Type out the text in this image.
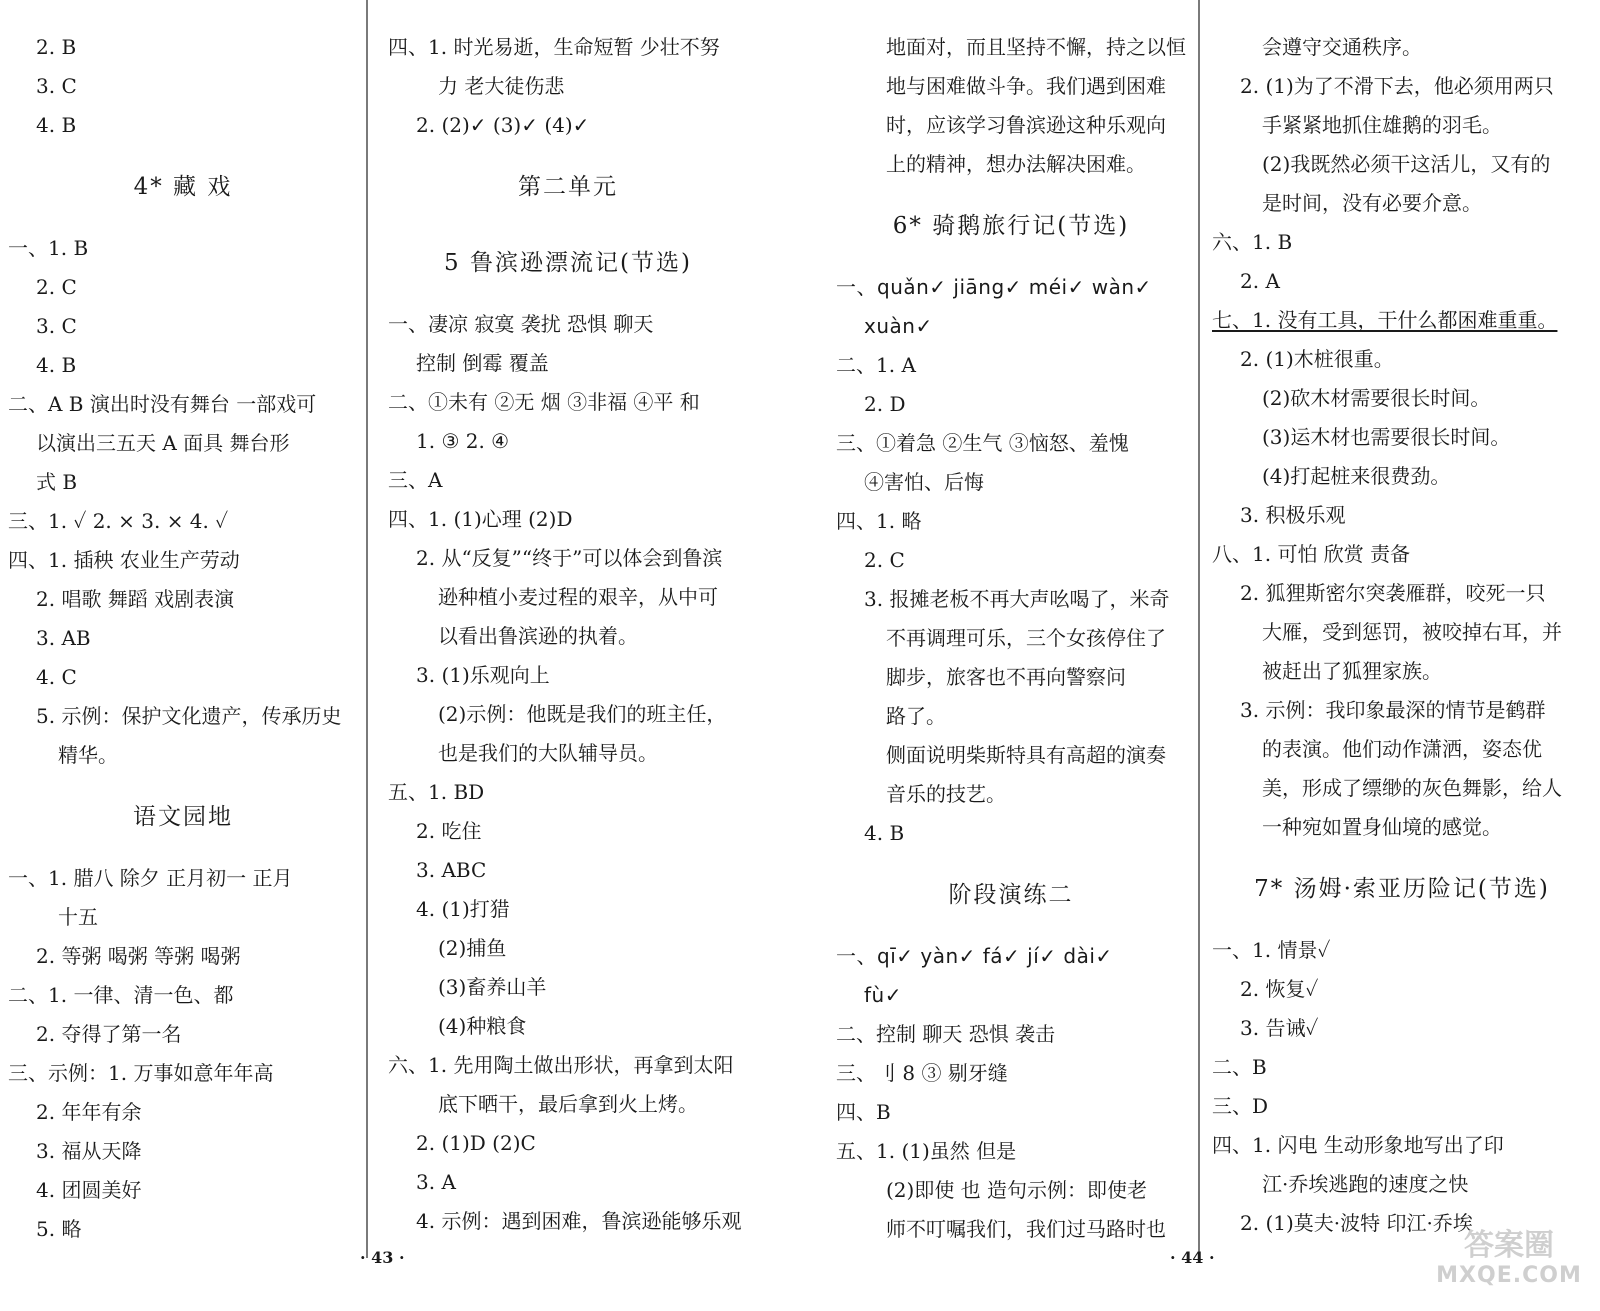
2. B
3. C
4. B
4* 藏 戏
一、1. B
2. C
3. C
4. B
二、A B 演出时没有舞台 一部戏可
以演出三五天 A 面具 舞台形
式 B
三、1. ✓ 2. × 3. × 4. ✓
四、1. 插秧 农业生产劳动
2. 唱歌 舞蹈 戏剧表演
3. AB
4. C
5. 示例：保护文化遗产，传承历史
精华。
语文园地
一、1. 腊八 除夕 正月初一 正月
十五
2. 等粥 喝粥 等粥 喝粥
二、1. 一律、清一色、都
2. 夺得了第一名
三、示例：1. 万事如意年年高
2. 年年有余
3. 福从天降
4. 团圆美好
5. 略
四、1. 时光易逝，生命短暂 少壮不努
力 老大徒伤悲
2. (2)✓ (3)✓ (4)✓
第二单元
5 鲁滨逊漂流记(节选)
一、凄凉 寂寞 袭扰 恐惧 聊天
控制 倒霉 覆盖
二、①未有 ②无 烟 ③非福 ④平 和
1. ③ 2. ④
三、A
四、1. (1)心理 (2)D
2. 从“反复”“终于”可以体会到鲁滨
逊种植小麦过程的艰辛，从中可
以看出鲁滨逊的执着。
3. (1)乐观向上
(2)示例：他既是我们的班主任，
也是我们的大队辅导员。
五、1. BD
2. 吃住
3. ABC
4. (1)打猎
(2)捕鱼
(3)畜养山羊
(4)种粮食
六、1. 先用陶土做出形状，再拿到太阳
底下晒干，最后拿到火上烤。
2. (1)D (2)C
3. A
4. 示例：遇到困难，鲁滨逊能够乐观
地面对，而且坚持不懈，持之以恒
地与困难做斗争。我们遇到困难
时，应该学习鲁滨逊这种乐观向
上的精神，想办法解决困难。
6* 骑鹅旅行记(节选)
一、quǎn✓ jiāng✓ méi✓ wàn✓
xuàn✓
二、1. A
2. D
三、①着急 ②生气 ③恼怒、羞愧
④害怕、后悔
四、1. 略
2. C
3. 报摊老板不再大声吆喝了，米奇
不再调理可乐，三个女孩停住了
脚步，旅客也不再向警察问
路了。
侧面说明柴斯特具有高超的演奏
音乐的技艺。
4. B
阶段演练二
一、qī✓ yàn✓ fá✓ jí✓ dài✓
fù✓
二、控制 聊天 恐惧 袭击
三、刂 8 ③ 剔牙缝
四、B
五、1. (1)虽然 但是
(2)即使 也 造句示例：即使老
师不叮嘱我们，我们过马路时也
会遵守交通秩序。
2. (1)为了不滑下去，他必须用两只
手紧紧地抓住雄鹅的羽毛。
(2)我既然必须干这活儿，又有的
是时间，没有必要介意。
六、1. B
2. A
七、1. 没有工具，干什么都困难重重。
2. (1)木桩很重。
(2)砍木材需要很长时间。
(3)运木材也需要很长时间。
(4)打起桩来很费劲。
3. 积极乐观
八、1. 可怕 欣赏 责备
2. 狐狸斯密尔突袭雁群，咬死一只
大雁，受到惩罚，被咬掉右耳，并
被赶出了狐狸家族。
3. 示例：我印象最深的情节是鹤群
的表演。他们动作潇洒，姿态优
美，形成了缥缈的灰色舞影，给人
一种宛如置身仙境的感觉。
7* 汤姆·索亚历险记(节选)
一、1. 情景✓
2. 恢复✓
3. 告诫✓
二、B
三、D
四、1. 闪电 生动形象地写出了印
江·乔埃逃跑的速度之快
2. (1)莫夫·波特 印江·乔埃
· 43 ·	· 44 ·	答案圈
MXQE.COM
